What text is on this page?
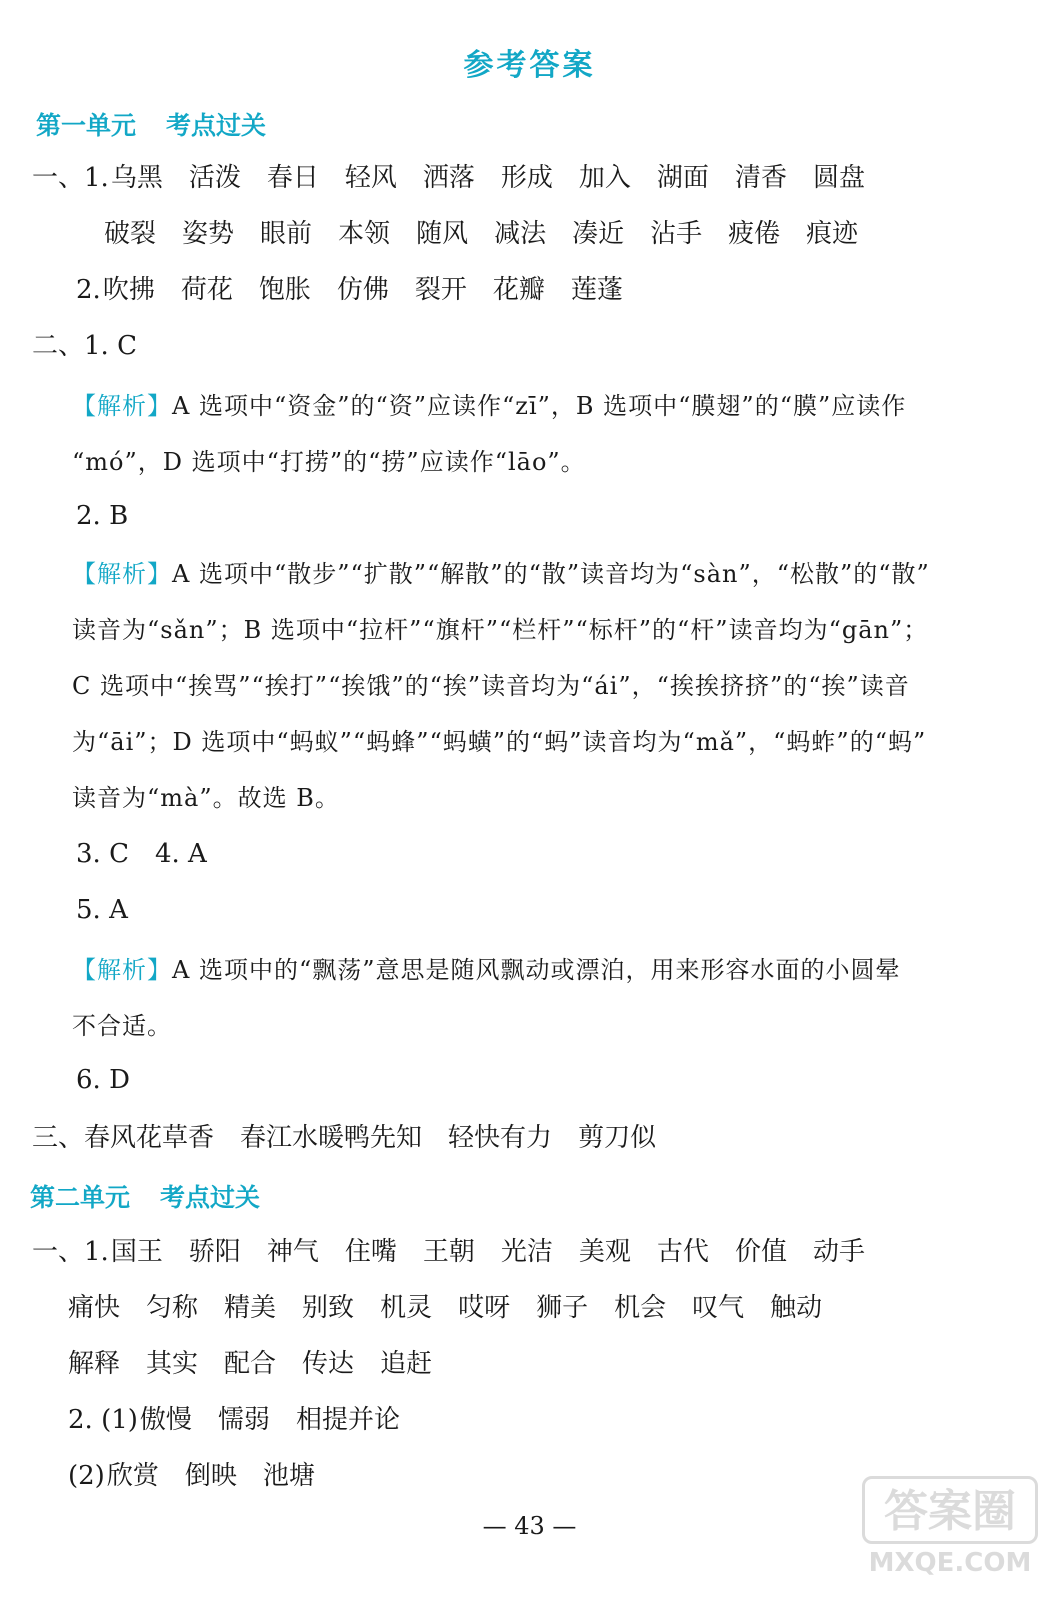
参考答案
第一单元 考点过关
一、1.乌黑 活泼 春日 轻风 洒落 形成 加入 湖面 清香 圆盘
破裂 姿势 眼前 本领 随风 减法 凑近 沾手 疲倦 痕迹
2.吹拂 荷花 饱胀 仿佛 裂开 花瓣 莲蓬
二、1. C
【解析】A 选项中“资金”的“资”应读作“zī”，B 选项中“膜翅”的“膜”应读作
“mó”，D 选项中“打捞”的“捞”应读作“lāo”。
2. B
【解析】A 选项中“散步”“扩散”“解散”的“散”读音均为“sàn”，“松散”的“散”
读音为“sǎn”；B 选项中“拉杆”“旗杆”“栏杆”“标杆”的“杆”读音均为“gān”；
C 选项中“挨骂”“挨打”“挨饿”的“挨”读音均为“ái”，“挨挨挤挤”的“挨”读音
为“āi”；D 选项中“蚂蚁”“蚂蜂”“蚂蟥”的“蚂”读音均为“mǎ”，“蚂蚱”的“蚂”
读音为“mà”。故选 B。
3. C　4. A
5. A
【解析】A 选项中的“飘荡”意思是随风飘动或漂泊，用来形容水面的小圆晕
不合适。
6. D
三、春风花草香 春江水暖鸭先知 轻快有力 剪刀似
第二单元 考点过关
一、1.国王 骄阳 神气 住嘴 王朝 光洁 美观 古代 价值 动手
痛快 匀称 精美 别致 机灵 哎呀 狮子 机会 叹气 触动
解释 其实 配合 传达 追赶
2. (1)傲慢 懦弱 相提并论
(2)欣赏 倒映 池塘
— 43 —	答案圈
MXQE.COM
